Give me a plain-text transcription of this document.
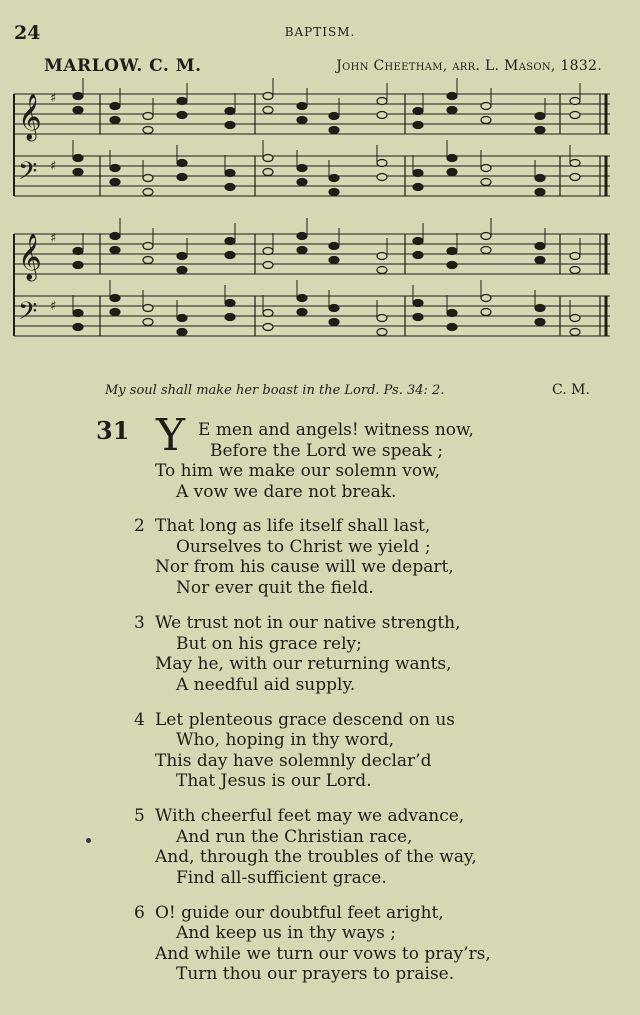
24	BAPTISM.
MARLOW. C. M.	John Cheetham, arr. L. Mason, 1832.
𝄞 ♯
𝄢 ♯
𝄞 ♯
𝄢 ♯
My soul shall make her boast in the Lord. Ps. 34: 2.	C. M.
31 Y E men and angels! witness now,
Before the Lord we speak ;
To him we make our solemn vow,
A vow we dare not break.
2 That long as life itself shall last,
Ourselves to Christ we yield ;
Nor from his cause will we depart,
Nor ever quit the field.
3 We trust not in our native strength,
But on his grace rely;
May he, with our returning wants,
A needful aid supply.
4 Let plenteous grace descend on us
Who, hoping in thy word,
This day have solemnly declar’d
That Jesus is our Lord.
5 With cheerful feet may we advance,
And run the Christian race,
And, through the troubles of the way,
Find all-sufficient grace.
6 O! guide our doubtful feet aright,
And keep us in thy ways ;
And while we turn our vows to pray’rs,
Turn thou our prayers to praise.
